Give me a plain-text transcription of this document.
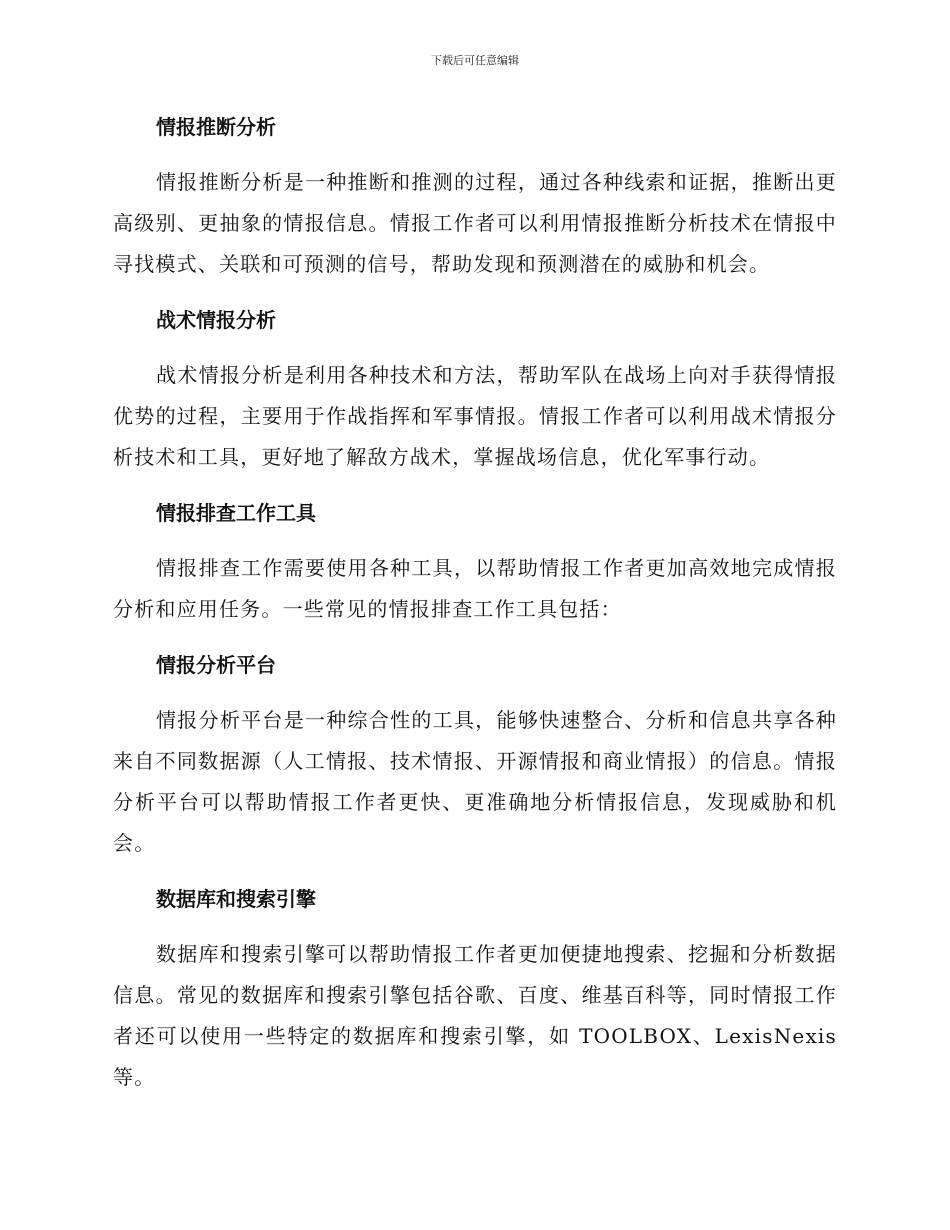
下载后可任意编辑
情报推断分析

情报推断分析是一种推断和推测的过程，通过各种线索和证据，推断出更高级别、更抽象的情报信息。情报工作者可以利用情报推断分析技术在情报中寻找模式、关联和可预测的信号，帮助发现和预测潜在的威胁和机会。

战术情报分析

战术情报分析是利用各种技术和方法，帮助军队在战场上向对手获得情报优势的过程，主要用于作战指挥和军事情报。情报工作者可以利用战术情报分析技术和工具，更好地了解敌方战术，掌握战场信息，优化军事行动。

情报排查工作工具

情报排查工作需要使用各种工具，以帮助情报工作者更加高效地完成情报分析和应用任务。一些常见的情报排查工作工具包括：

情报分析平台

情报分析平台是一种综合性的工具，能够快速整合、分析和信息共享各种来自不同数据源（人工情报、技术情报、开源情报和商业情报）的信息。情报分析平台可以帮助情报工作者更快、更准确地分析情报信息，发现威胁和机会。

数据库和搜索引擎

数据库和搜索引擎可以帮助情报工作者更加便捷地搜索、挖掘和分析数据信息。常见的数据库和搜索引擎包括谷歌、百度、维基百科等，同时情报工作者还可以使用一些特定的数据库和搜索引擎，如 TOOLBOX、LexisNexis 等。
